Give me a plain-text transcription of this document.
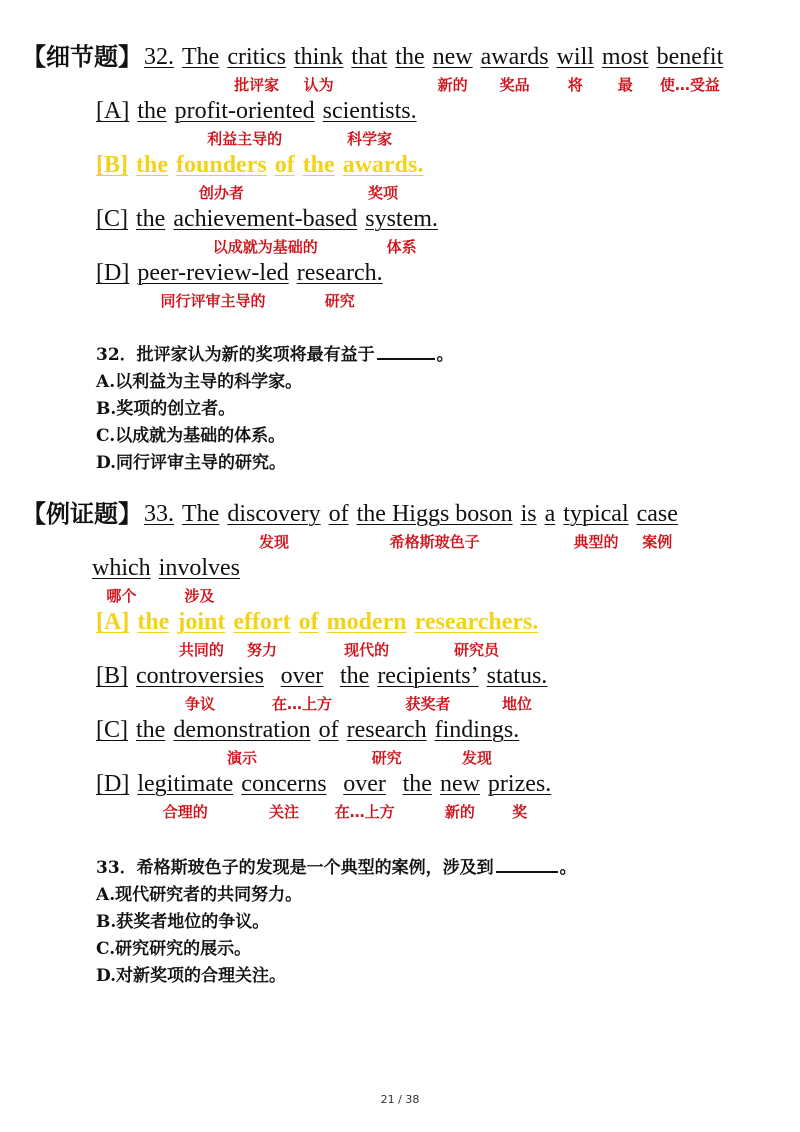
【细节题】 32. The critics
批评家
think
认为
that the new
新的
awards
奖品
will
将
most
最
benefit
使…受益
[A] the profit-oriented
利益主导的
scientists.
科学家
[B] the founders
创办者
of the awards.
奖项
[C] the achievement-based
以成就为基础的
system.
体系
[D] peer-review-led
同行评审主导的
research.
研究
32．批评家认为新的奖项将最有益于	。
A.以利益为主导的科学家。
B.奖项的创立者。
C.以成就为基础的体系。
D.同行评审主导的研究。
【例证题】 33. The discovery
发现
of the Higgs boson
希格斯玻色子
is a typical
典型的
case
案例
which
哪个
involves
涉及
[A] the joint
共同的
effort
努力
of modern
现代的
researchers.
研究员
[B] controversies
争议
over
在…上方
the recipients’
获奖者
status.
地位
[C] the demonstration
演示
of research
研究
findings.
发现
[D] legitimate
合理的
concerns
关注
over
在…上方
the new
新的
prizes.
奖
33．希格斯玻色子的发现是一个典型的案例，涉及到	。
A.现代研究者的共同努力。
B.获奖者地位的争议。
C.研究研究的展示。
D.对新奖项的合理关注。
21 / 38
